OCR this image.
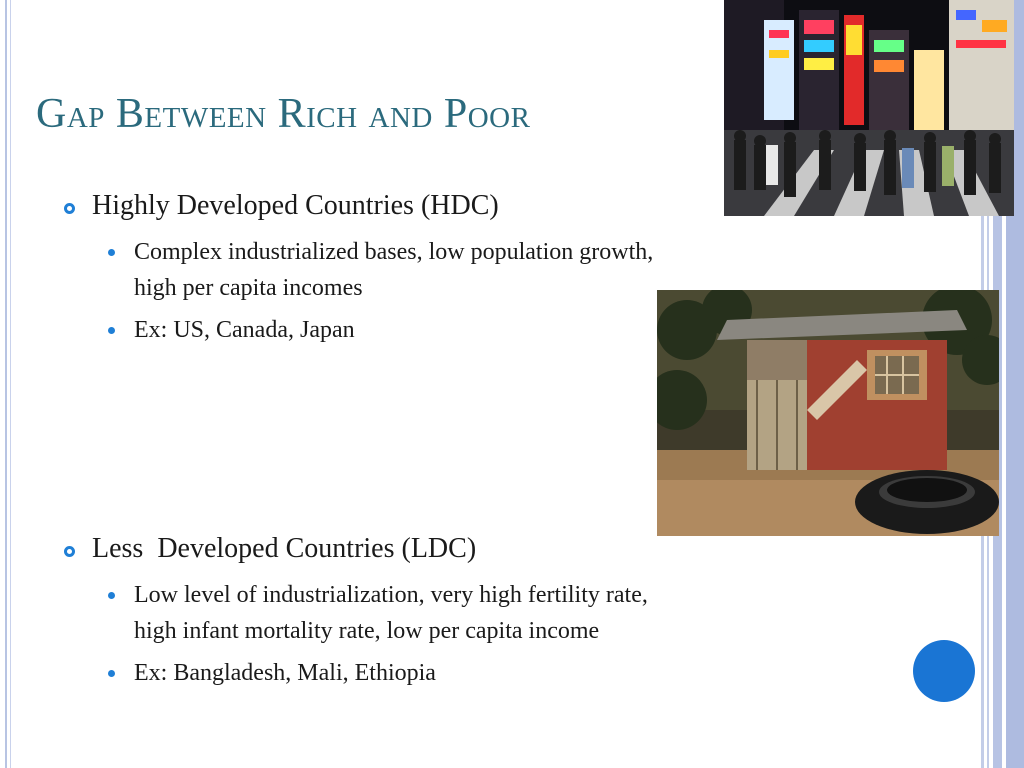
Gap Between Rich and Poor
Highly Developed Countries (HDC)
Complex industrialized bases, low population growth,
high per capita incomes
Ex: US, Canada, Japan
Less  Developed Countries (LDC)
Low level of industrialization, very high fertility rate,
high infant mortality rate, low per capita income
Ex: Bangladesh, Mali, Ethiopia
